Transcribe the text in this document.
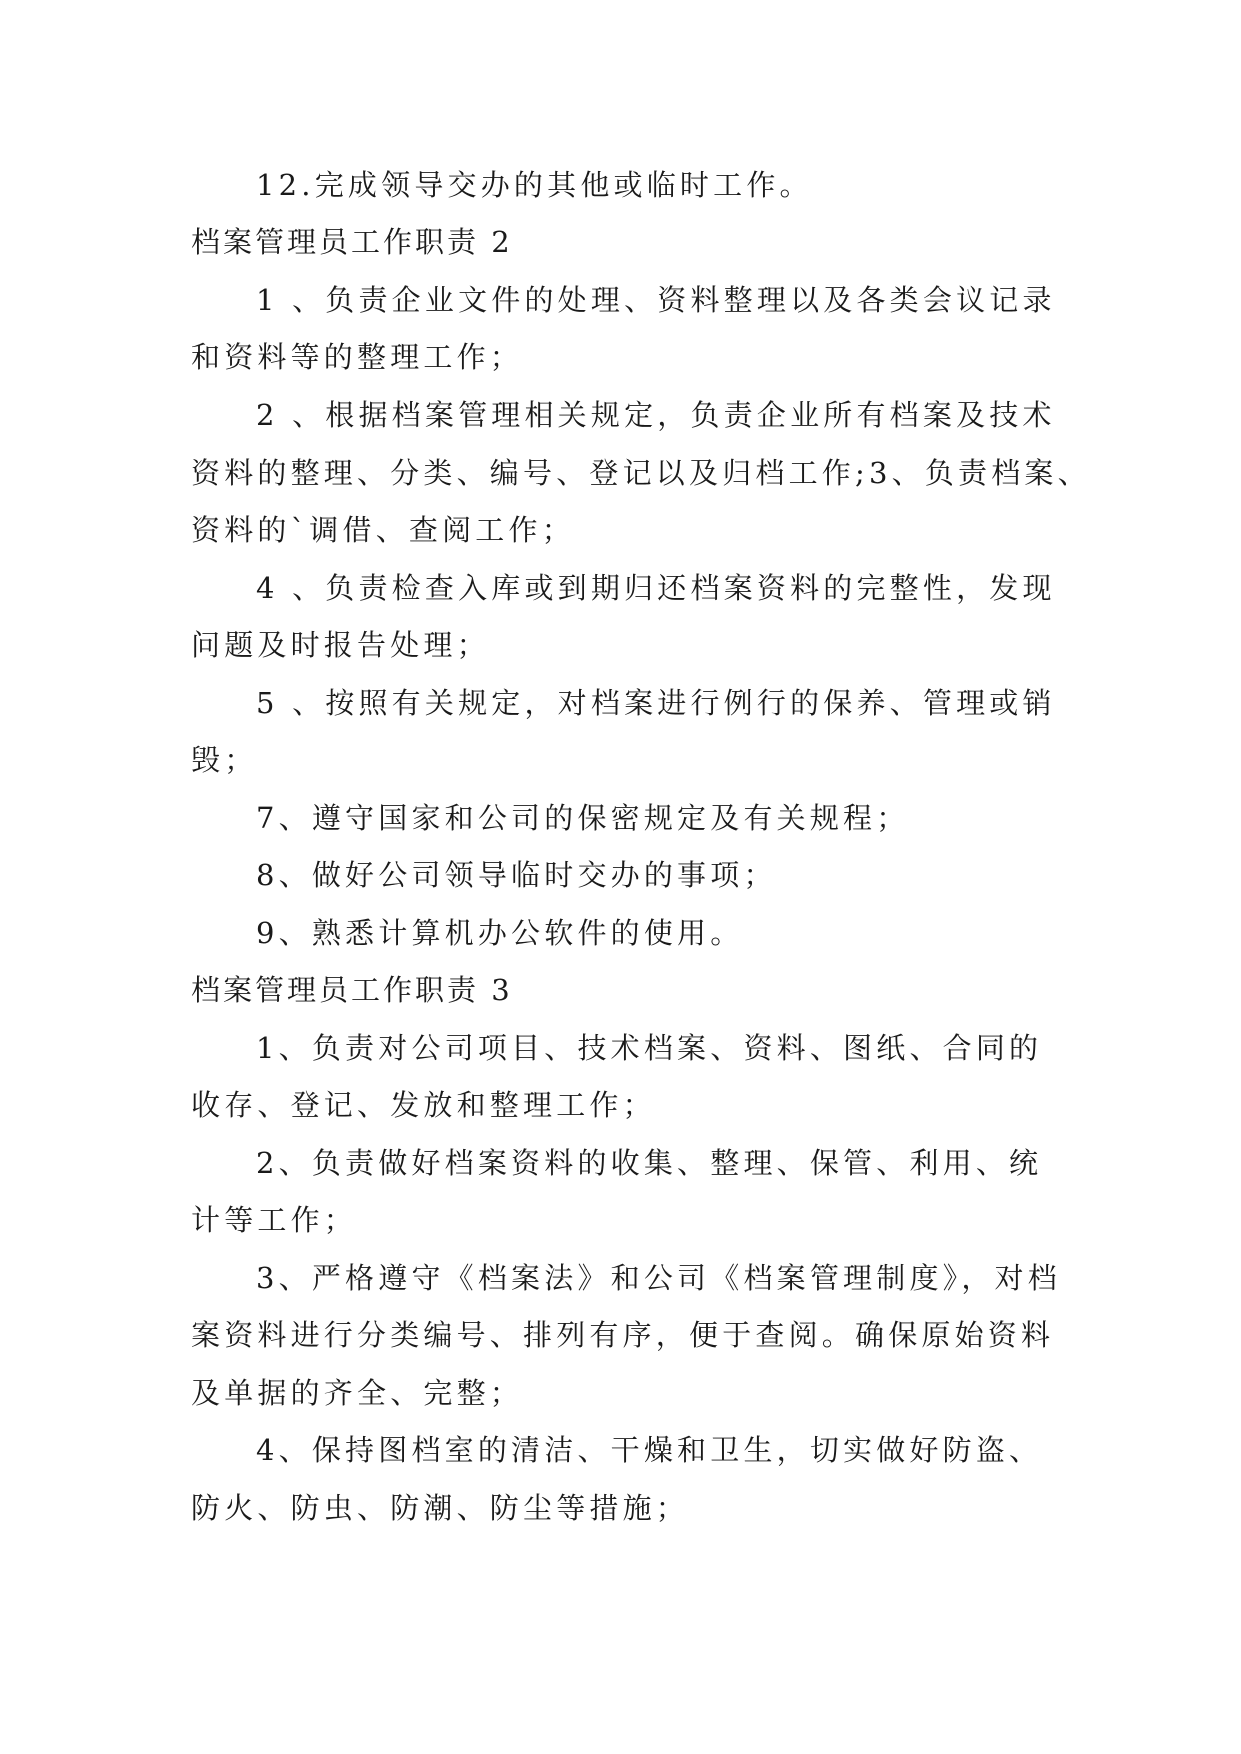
12.完成领导交办的其他或临时工作。

档案管理员工作职责 2

1 、负责企业文件的处理、资料整理以及各类会议记录

和资料等的整理工作；

2 、根据档案管理相关规定，负责企业所有档案及技术

资料的整理、分类、编号、登记以及归档工作;3、负责档案、

资料的`调借、查阅工作；

4 、负责检查入库或到期归还档案资料的完整性，发现

问题及时报告处理；

5 、按照有关规定，对档案进行例行的保养、管理或销

毁；

7、遵守国家和公司的保密规定及有关规程；

8、做好公司领导临时交办的事项；

9、熟悉计算机办公软件的使用。

档案管理员工作职责 3

1、负责对公司项目、技术档案、资料、图纸、合同的

收存、登记、发放和整理工作；

2、负责做好档案资料的收集、整理、保管、利用、统

计等工作；

3、严格遵守《档案法》和公司《档案管理制度》，对档

案资料进行分类编号、排列有序，便于查阅。确保原始资料

及单据的齐全、完整；

4、保持图档室的清洁、干燥和卫生，切实做好防盗、

防火、防虫、防潮、防尘等措施；
